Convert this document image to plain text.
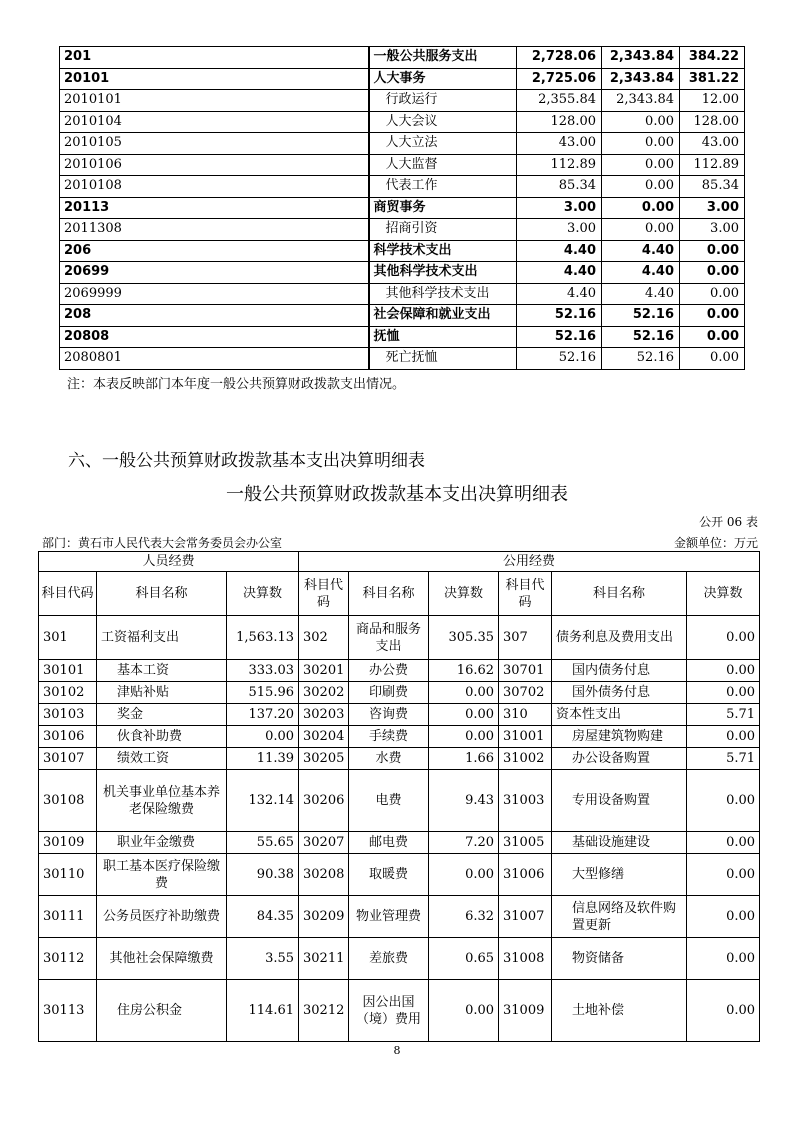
201	一般公共服务支出	2,728.06	2,343.84	384.22
20101	人大事务	2,725.06	2,343.84	381.22
2010101	行政运行	2,355.84	2,343.84	12.00
2010104	人大会议	128.00	0.00	128.00
2010105	人大立法	43.00	0.00	43.00
2010106	人大监督	112.89	0.00	112.89
2010108	代表工作	85.34	0.00	85.34
20113	商贸事务	3.00	0.00	3.00
2011308	招商引资	3.00	0.00	3.00
206	科学技术支出	4.40	4.40	0.00
20699	其他科学技术支出	4.40	4.40	0.00
2069999	其他科学技术支出	4.40	4.40	0.00
208	社会保障和就业支出	52.16	52.16	0.00
20808	抚恤	52.16	52.16	0.00
2080801	死亡抚恤	52.16	52.16	0.00
注：本表反映部门本年度一般公共预算财政拨款支出情况。
六、一般公共预算财政拨款基本支出决算明细表
一般公共预算财政拨款基本支出决算明细表
公开 06 表
部门：黄石市人民代表大会常务委员会办公室	金额单位：万元
人员经费			公用经费					
科目代码	科目名称	决算数	科目代码	科目名称	决算数	科目代码	科目名称	决算数
301	工资福利支出	1,563.13	302	商品和服务支出	305.35	307	债务利息及费用支出	0.00
30101	基本工资	333.03	30201	办公费	16.62	30701	国内债务付息	0.00
30102	津贴补贴	515.96	30202	印刷费	0.00	30702	国外债务付息	0.00
30103	奖金	137.20	30203	咨询费	0.00	310	资本性支出	5.71
30106	伙食补助费	0.00	30204	手续费	0.00	31001	房屋建筑物购建	0.00
30107	绩效工资	11.39	30205	水费	1.66	31002	办公设备购置	5.71
30108	机关事业单位基本养老保险缴费	132.14	30206	电费	9.43	31003	专用设备购置	0.00
30109	职业年金缴费	55.65	30207	邮电费	7.20	31005	基础设施建设	0.00
30110	职工基本医疗保险缴费	90.38	30208	取暖费	0.00	31006	大型修缮	0.00
30111	公务员医疗补助缴费	84.35	30209	物业管理费	6.32	31007	信息网络及软件购置更新	0.00
30112	其他社会保障缴费	3.55	30211	差旅费	0.65	31008	物资储备	0.00
30113	住房公积金	114.61	30212	因公出国（境）费用	0.00	31009	土地补偿	0.00
8
